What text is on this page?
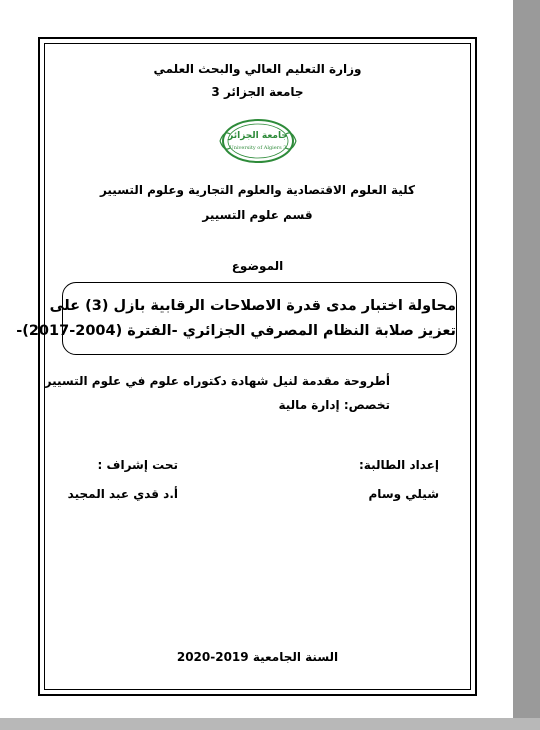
وزارة التعليم العالي والبحث العلمي
جامعة الجزائر 3
جامعة الجزائر
University of Algiers 3
كلية العلوم الاقتصادية والعلوم التجارية وعلوم التسيير
قسم علوم التسيير
الموضوع
محاولة اختبار مدى قدرة الاصلاحات الرقابية بازل (3) على
تعزيز صلابة النظام المصرفي الجزائري -الفترة (2004-2017)-
أطروحة مقدمة لنيل شهادة دكتوراه علوم في علوم التسيير
تخصص: إدارة مالية
إعداد الطالبة:
تحت إشراف :
شيلي وسام
أ.د قدي عبد المجيد
السنة الجامعية 2019-2020
